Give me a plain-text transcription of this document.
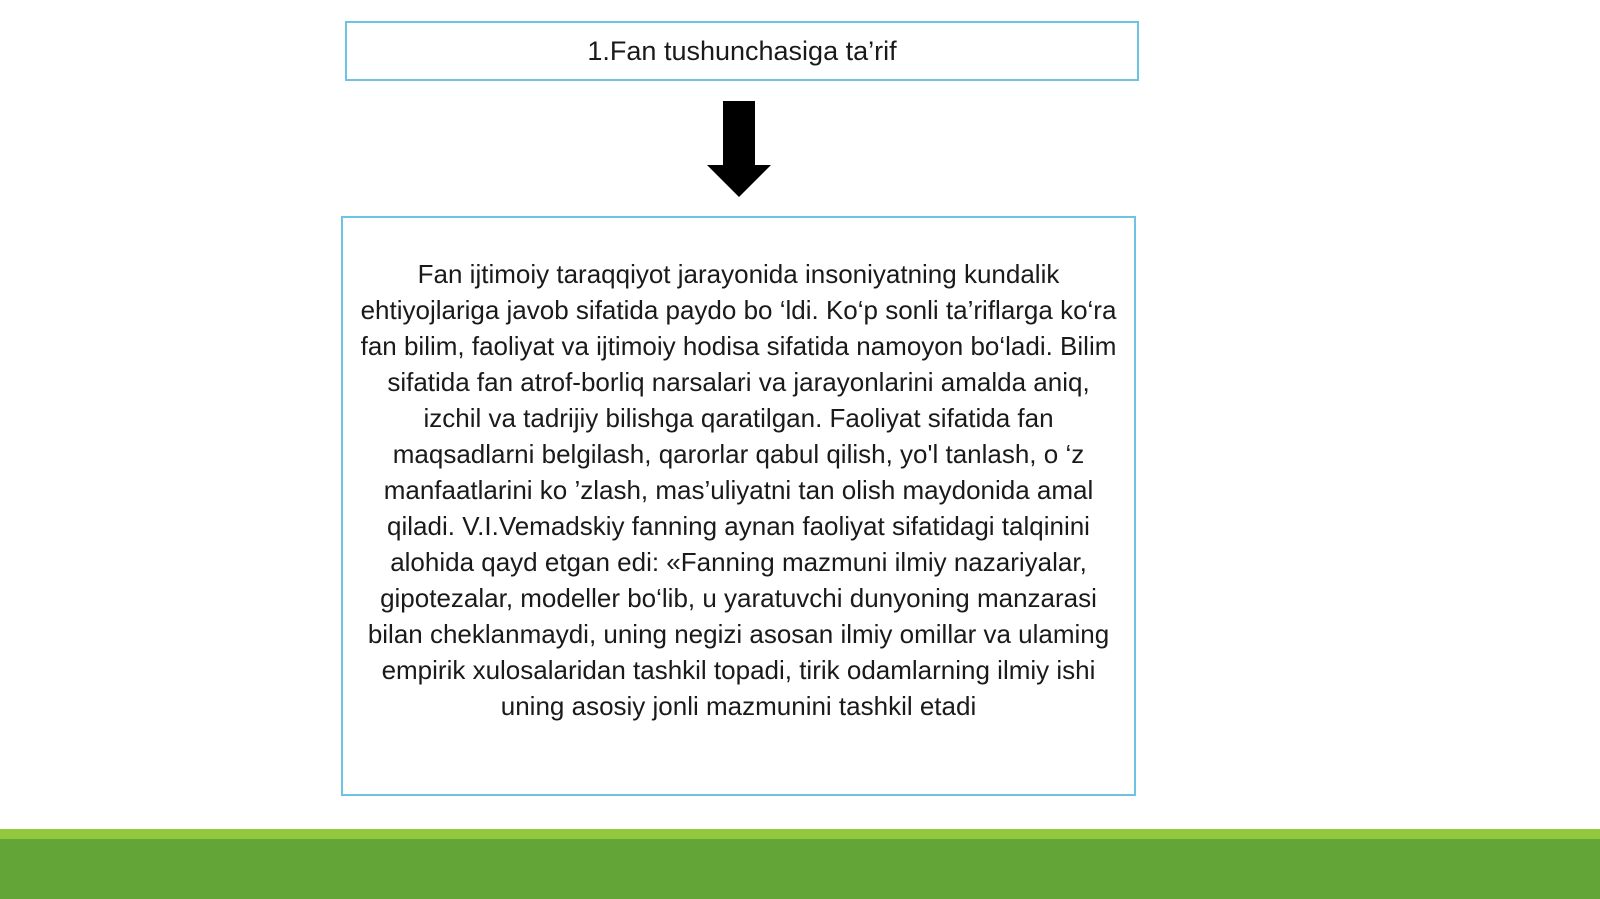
1.Fan tushunchasiga ta’rif

Fan ijtimoiy taraqqiyot jarayonida insoniyatning kundalik ehtiyojlariga javob sifatida paydo bo ‘ldi. Ko‘p sonli ta’riflarga ko‘ra fan bilim, faoliyat va ijtimoiy hodisa sifatida namoyon bo‘ladi. Bilim sifatida fan atrof-borliq narsalari va jarayonlarini amalda aniq, izchil va tadrijiy bilishga qaratilgan. Faoliyat sifatida fan maqsadlarni belgilash, qarorlar qabul qilish, yo'l tanlash, o ‘z manfaatlarini ko ’zlash, mas’uliyatni tan olish maydonida amal qiladi. V.I.Vemadskiy fanning aynan faoliyat sifatidagi talqinini alohida qayd etgan edi: «Fanning mazmuni ilmiy nazariyalar, gipotezalar, modeller bo‘lib, u yaratuvchi dunyoning manzarasi bilan cheklanmaydi, uning negizi asosan ilmiy omillar va ulaming empirik xulosalaridan tashkil topadi, tirik odamlarning ilmiy ishi uning asosiy jonli mazmunini tashkil etadi
